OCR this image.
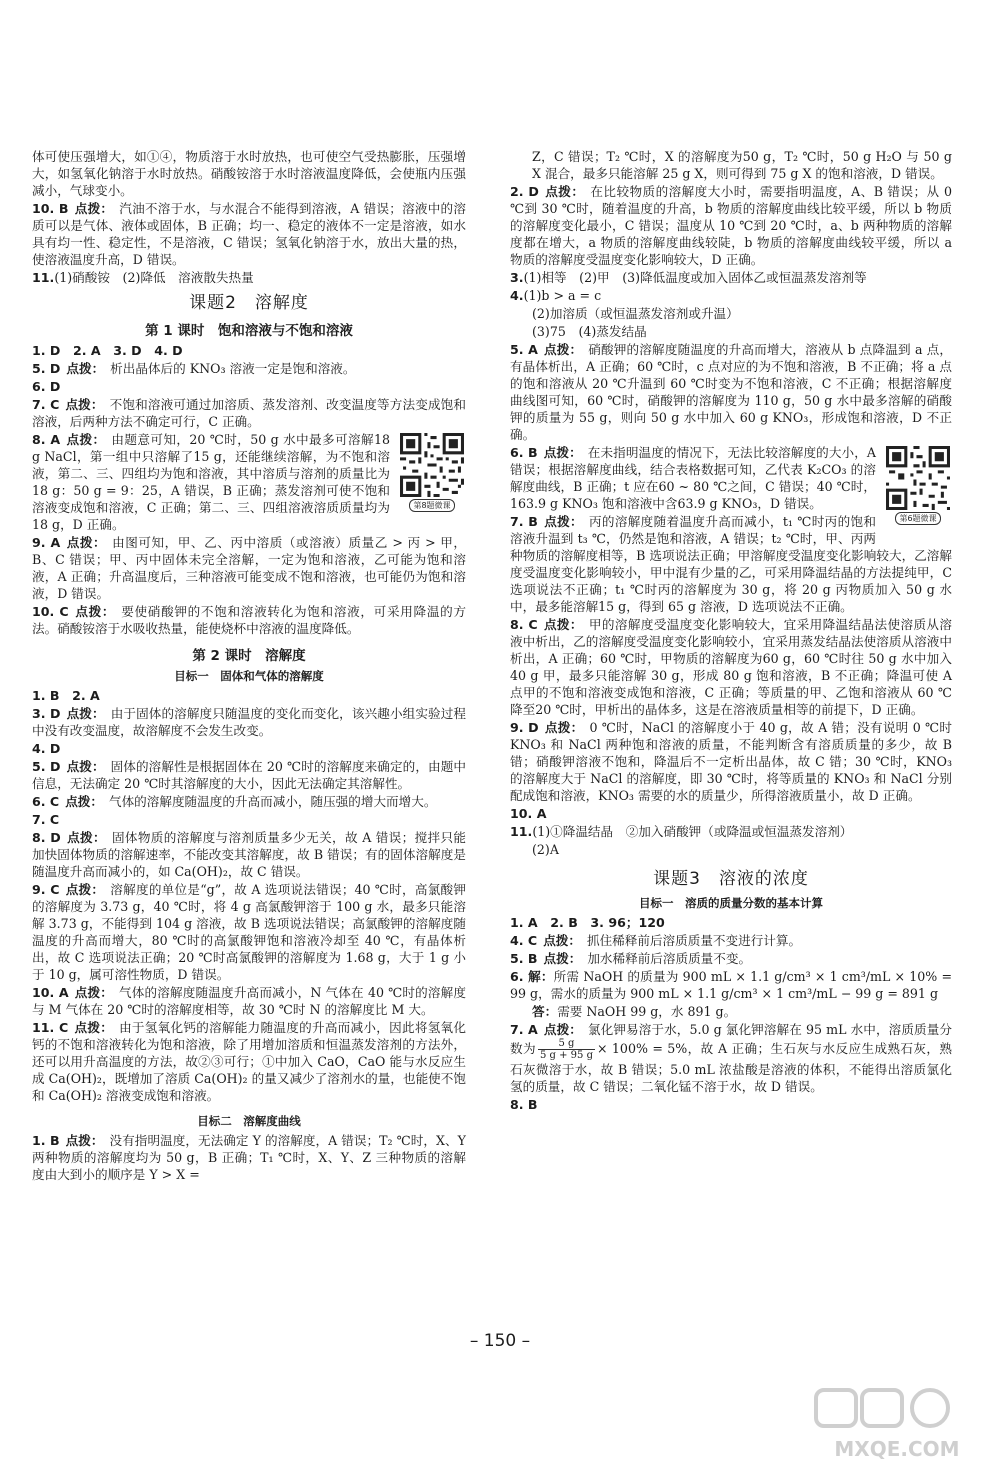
体可使压强增大，如①④，物质溶于水时放热，也可使空气受热膨胀，压强增大，如氢氧化钠溶于水时放热。硝酸铵溶于水时溶液温度降低，会使瓶内压强减小，气球变小。

10. B 点拨： 汽油不溶于水，与水混合不能得到溶液，A 错误；溶液中的溶质可以是气体、液体或固体，B 正确；均一、稳定的液体不一定是溶液，如水具有均一性、稳定性，不是溶液，C 错误；氢氧化钠溶于水，放出大量的热，使溶液温度升高，D 错误。

11.(1)硝酸铵　(2)降低　溶液散失热量

课题2　溶解度
第 1 课时　饱和溶液与不饱和溶液

1. D　2. A　3. D　4. D

5. D 点拨： 析出晶体后的 KNO₃ 溶液一定是饱和溶液。

6. D

7. C 点拨： 不饱和溶液可通过加溶质、蒸发溶剂、改变温度等方法变成饱和溶液，后两种方法不确定可行，C 正确。

第8题微课

8. A 点拨： 由题意可知，20 ℃时，50 g 水中最多可溶解18 g NaCl，第一组中只溶解了15 g，还能继续溶解，为不饱和溶液，第二、三、四组均为饱和溶液，其中溶质与溶剂的质量比为 18 g：50 g = 9：25，A 错误，B 正确；蒸发溶剂可使不饱和溶液变成饱和溶液，C 正确；第二、三、四组溶液溶质质量均为 18 g，D 正确。

9. A 点拨： 由图可知，甲、乙、丙中溶质（或溶液）质量乙 > 丙 > 甲，B、C 错误；甲、丙中固体未完全溶解，一定为饱和溶液，乙可能为饱和溶液，A 正确；升高温度后，三种溶液可能变成不饱和溶液，也可能仍为饱和溶液，D 错误。

10. C 点拨： 要使硝酸钾的不饱和溶液转化为饱和溶液，可采用降温的方法。硝酸铵溶于水吸收热量，能使烧杯中溶液的温度降低。

第 2 课时　溶解度
目标一　固体和气体的溶解度

1. B　2. A

3. D 点拨： 由于固体的溶解度只随温度的变化而变化，该兴趣小组实验过程中没有改变温度，故溶解度不会发生改变。

4. D

5. D 点拨： 固体的溶解性是根据固体在 20 ℃时的溶解度来确定的，由题中信息，无法确定 20 ℃时其溶解度的大小，因此无法确定其溶解性。

6. C 点拨： 气体的溶解度随温度的升高而减小，随压强的增大而增大。

7. C

8. D 点拨： 固体物质的溶解度与溶剂质量多少无关，故 A 错误；搅拌只能加快固体物质的溶解速率，不能改变其溶解度，故 B 错误；有的固体溶解度是随温度升高而减小的，如 Ca(OH)₂，故 C 错误。

9. C 点拨： 溶解度的单位是“g”，故 A 选项说法错误；40 ℃时，高氯酸钾的溶解度为 3.73 g，40 ℃时，将 4 g 高氯酸钾溶于 100 g 水，最多只能溶解 3.73 g，不能得到 104 g 溶液，故 B 选项说法错误；高氯酸钾的溶解度随温度的升高而增大，80 ℃时的高氯酸钾饱和溶液冷却至 40 ℃，有晶体析出，故 C 选项说法正确；20 ℃时高氯酸钾的溶解度为 1.68 g，大于 1 g 小于 10 g，属可溶性物质，D 错误。

10. A 点拨： 气体的溶解度随温度升高而减小，N 气体在 40 ℃时的溶解度与 M 气体在 20 ℃时的溶解度相等，故 30 ℃时 N 的溶解度比 M 大。

11. C 点拨： 由于氢氧化钙的溶解能力随温度的升高而减小，因此将氢氧化钙的不饱和溶液转化为饱和溶液，除了用增加溶质和恒温蒸发溶剂的方法外，还可以用升高温度的方法，故②③可行；①中加入 CaO，CaO 能与水反应生成 Ca(OH)₂，既增加了溶质 Ca(OH)₂ 的量又减少了溶剂水的量，也能使不饱和 Ca(OH)₂ 溶液变成饱和溶液。

目标二　溶解度曲线

1. B 点拨： 没有指明温度，无法确定 Y 的溶解度，A 错误；T₂ ℃时，X、Y 两种物质的溶解度均为 50 g，B 正确；T₁ ℃时，X、Y、Z 三种物质的溶解度由大到小的顺序是 Y > X =

Z，C 错误；T₂ ℃时，X 的溶解度为50 g，T₂ ℃时，50 g H₂O 与 50 g X 混合，最多只能溶解 25 g X，则可得到 75 g X 的饱和溶液，D 错误。

2. D 点拨： 在比较物质的溶解度大小时，需要指明温度，A、B 错误；从 0 ℃到 30 ℃时，随着温度的升高，b 物质的溶解度曲线比较平缓，所以 b 物质的溶解度变化最小，C 错误；温度从 10 ℃到 20 ℃时，a、b 两种物质的溶解度都在增大，a 物质的溶解度曲线较陡，b 物质的溶解度曲线较平缓，所以 a 物质的溶解度受温度变化影响较大，D 正确。

3.(1)相等　(2)甲　(3)降低温度或加入固体乙或恒温蒸发溶剂等

4.(1)b > a = c

(2)加溶质（或恒温蒸发溶剂或升温）

(3)75　(4)蒸发结晶

5. A 点拨： 硝酸钾的溶解度随温度的升高而增大，溶液从 b 点降温到 a 点，有晶体析出，A 正确；60 ℃时，c 点对应的为不饱和溶液，B 不正确；将 a 点的饱和溶液从 20 ℃升温到 60 ℃时变为不饱和溶液，C 不正确；根据溶解度曲线图可知，60 ℃时，硝酸钾的溶解度为 110 g，50 g 水中最多溶解的硝酸钾的质量为 55 g，则向 50 g 水中加入 60 g KNO₃，形成饱和溶液，D 不正确。

第6题微课

6. B 点拨： 在未指明温度的情况下，无法比较溶解度的大小，A 错误；根据溶解度曲线，结合表格数据可知，乙代表 K₂CO₃ 的溶解度曲线，B 正确；t 应在60 ~ 80 ℃之间，C 错误；40 ℃时，163.9 g KNO₃ 饱和溶液中含63.9 g KNO₃，D 错误。

7. B 点拨： 丙的溶解度随着温度升高而减小，t₁ ℃时丙的饱和溶液升温到 t₃ ℃，仍然是饱和溶液，A 错误；t₂ ℃时，甲、丙两种物质的溶解度相等，B 选项说法正确；甲溶解度受温度变化影响较大，乙溶解度受温度变化影响较小，甲中混有少量的乙，可采用降温结晶的方法提纯甲，C 选项说法不正确；t₁ ℃时丙的溶解度为 30 g，将 20 g 丙物质加入 50 g 水中，最多能溶解15 g，得到 65 g 溶液，D 选项说法不正确。

8. C 点拨： 甲的溶解度受温度变化影响较大，宜采用降温结晶法使溶质从溶液中析出，乙的溶解度受温度变化影响较小，宜采用蒸发结晶法使溶质从溶液中析出，A 正确；60 ℃时，甲物质的溶解度为60 g，60 ℃时往 50 g 水中加入 40 g 甲，最多只能溶解 30 g，形成 80 g 饱和溶液，B 不正确；降温可使 A 点甲的不饱和溶液变成饱和溶液，C 正确；等质量的甲、乙饱和溶液从 60 ℃降至20 ℃时，甲析出的晶体多，这是在溶液质量相等的前提下，D 正确。

9. D 点拨： 0 ℃时，NaCl 的溶解度小于 40 g，故 A 错；没有说明 0 ℃时 KNO₃ 和 NaCl 两种饱和溶液的质量，不能判断含有溶质质量的多少，故 B 错；硝酸钾溶液不饱和，降温后不一定析出晶体，故 C 错；30 ℃时，KNO₃ 的溶解度大于 NaCl 的溶解度，即 30 ℃时，将等质量的 KNO₃ 和 NaCl 分别配成饱和溶液，KNO₃ 需要的水的质量少，所得溶液质量小，故 D 正确。

10. A

11.(1)①降温结晶　②加入硝酸钾（或降温或恒温蒸发溶剂）

(2)A

课题3　溶液的浓度
目标一　溶质的质量分数的基本计算

1. A　2. B　3. 96；120

4. C 点拨： 抓住稀释前后溶质质量不变进行计算。

5. B 点拨： 加水稀释前后溶质质量不变。

6. 解：所需 NaOH 的质量为 900 mL × 1.1 g/cm³ × 1 cm³/mL × 10% = 99 g，需水的质量为 900 mL × 1.1 g/cm³ × 1 cm³/mL − 99 g = 891 g

答：需要 NaOH 99 g，水 891 g。

7. A 点拨： 氯化钾易溶于水，5.0 g 氯化钾溶解在 95 mL 水中，溶质质量分数为 $\frac{5 g}{5 g + 95 g} \times 100\% = 5\%$，故 A 正确；生石灰与水反应生成熟石灰，熟石灰微溶于水，故 B 错误；5.0 mL 浓盐酸是溶液的体积，不能得出溶质氯化氢的质量，故 C 错误；二氧化锰不溶于水，故 D 错误。

8. B

– 150 –
MXQE.COM
